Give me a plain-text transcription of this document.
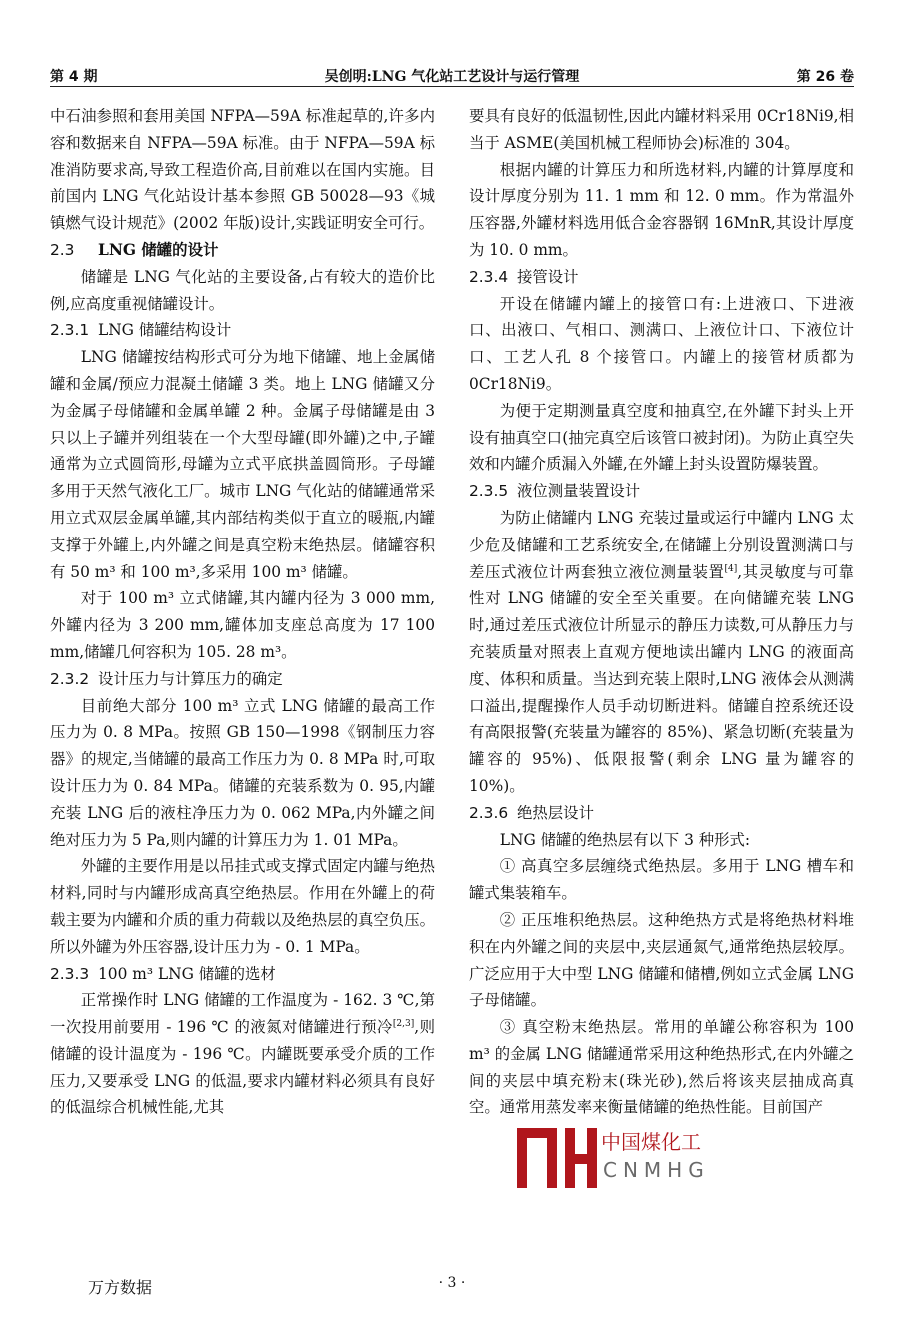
第 4 期	吴创明:LNG 气化站工艺设计与运行管理	第 26 卷

中石油参照和套用美国 NFPA—59A 标准起草的,许多内容和数据来自 NFPA—59A 标准。由于 NFPA—59A 标准消防要求高,导致工程造价高,目前难以在国内实施。目前国内 LNG 气化站设计基本参照 GB 50028—93《城镇燃气设计规范》(2002 年版)设计,实践证明安全可行。

2.3 LNG 储罐的设计

储罐是 LNG 气化站的主要设备,占有较大的造价比例,应高度重视储罐设计。

2.3.1 LNG 储罐结构设计

LNG 储罐按结构形式可分为地下储罐、地上金属储罐和金属/预应力混凝土储罐 3 类。地上 LNG 储罐又分为金属子母储罐和金属单罐 2 种。金属子母储罐是由 3 只以上子罐并列组装在一个大型母罐(即外罐)之中,子罐通常为立式圆筒形,母罐为立式平底拱盖圆筒形。子母罐多用于天然气液化工厂。城市 LNG 气化站的储罐通常采用立式双层金属单罐,其内部结构类似于直立的暖瓶,内罐支撑于外罐上,内外罐之间是真空粉末绝热层。储罐容积有 50 m³ 和 100 m³,多采用 100 m³ 储罐。

对于 100 m³ 立式储罐,其内罐内径为 3 000 mm,外罐内径为 3 200 mm,罐体加支座总高度为 17 100 mm,储罐几何容积为 105. 28 m³。

2.3.2 设计压力与计算压力的确定

目前绝大部分 100 m³ 立式 LNG 储罐的最高工作压力为 0. 8 MPa。按照 GB 150—1998《钢制压力容器》的规定,当储罐的最高工作压力为 0. 8 MPa 时,可取设计压力为 0. 84 MPa。储罐的充装系数为 0. 95,内罐充装 LNG 后的液柱净压力为 0. 062 MPa,内外罐之间绝对压力为 5 Pa,则内罐的计算压力为 1. 01 MPa。

外罐的主要作用是以吊挂式或支撑式固定内罐与绝热材料,同时与内罐形成高真空绝热层。作用在外罐上的荷载主要为内罐和介质的重力荷载以及绝热层的真空负压。所以外罐为外压容器,设计压力为 - 0. 1 MPa。

2.3.3 100 m³ LNG 储罐的选材

正常操作时 LNG 储罐的工作温度为 - 162. 3 ℃,第一次投用前要用 - 196 ℃ 的液氮对储罐进行预冷[2,3],则储罐的设计温度为 - 196 ℃。内罐既要承受介质的工作压力,又要承受 LNG 的低温,要求内罐材料必须具有良好的低温综合机械性能,尤其

要具有良好的低温韧性,因此内罐材料采用 0Cr18Ni9,相当于 ASME(美国机械工程师协会)标准的 304。

根据内罐的计算压力和所选材料,内罐的计算厚度和设计厚度分别为 11. 1 mm 和 12. 0 mm。作为常温外压容器,外罐材料选用低合金容器钢 16MnR,其设计厚度为 10. 0 mm。

2.3.4 接管设计

开设在储罐内罐上的接管口有:上进液口、下进液口、出液口、气相口、测满口、上液位计口、下液位计口、工艺人孔 8 个接管口。内罐上的接管材质都为 0Cr18Ni9。

为便于定期测量真空度和抽真空,在外罐下封头上开设有抽真空口(抽完真空后该管口被封闭)。为防止真空失效和内罐介质漏入外罐,在外罐上封头设置防爆装置。

2.3.5 液位测量装置设计

为防止储罐内 LNG 充装过量或运行中罐内 LNG 太少危及储罐和工艺系统安全,在储罐上分别设置测满口与差压式液位计两套独立液位测量装置[4],其灵敏度与可靠性对 LNG 储罐的安全至关重要。在向储罐充装 LNG 时,通过差压式液位计所显示的静压力读数,可从静压力与充装质量对照表上直观方便地读出罐内 LNG 的液面高度、体积和质量。当达到充装上限时,LNG 液体会从测满口溢出,提醒操作人员手动切断进料。储罐自控系统还设有高限报警(充装量为罐容的 85%)、紧急切断(充装量为罐容的 95%)、低限报警(剩余 LNG 量为罐容的 10%)。

2.3.6 绝热层设计

LNG 储罐的绝热层有以下 3 种形式:

① 高真空多层缠绕式绝热层。多用于 LNG 槽车和罐式集装箱车。

② 正压堆积绝热层。这种绝热方式是将绝热材料堆积在内外罐之间的夹层中,夹层通氮气,通常绝热层较厚。广泛应用于大中型 LNG 储罐和储槽,例如立式金属 LNG 子母储罐。

③ 真空粉末绝热层。常用的单罐公称容积为 100 m³ 的金属 LNG 储罐通常采用这种绝热形式,在内外罐之间的夹层中填充粉末(珠光砂),然后将该夹层抽成高真空。通常用蒸发率来衡量储罐的绝热性能。目前国产

中国煤化工
CNMHG
万方数据	· 3 ·
